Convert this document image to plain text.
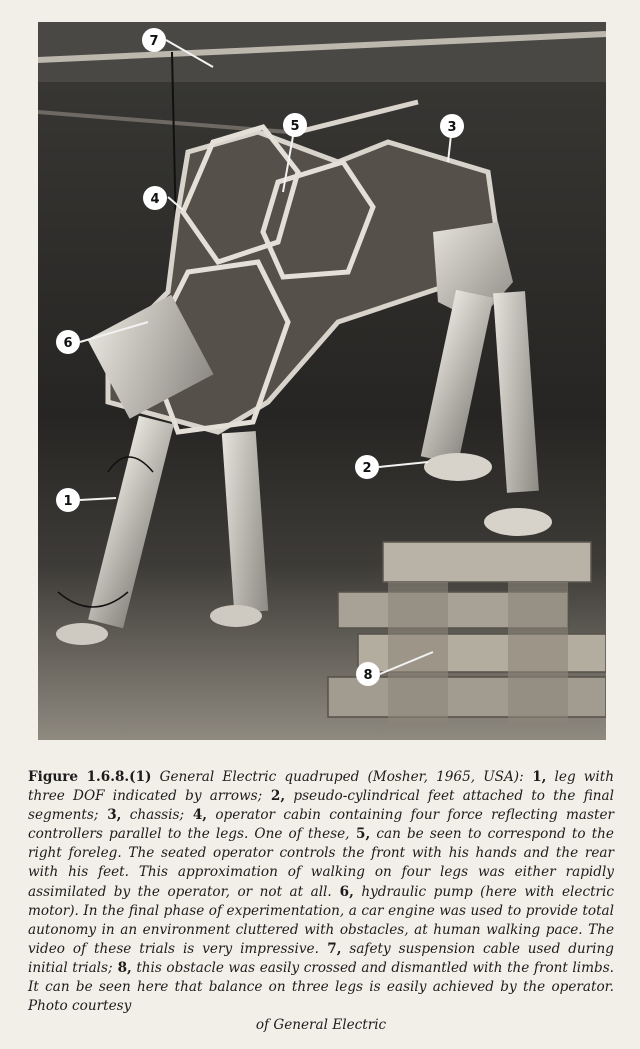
1
2
3
4
5
6
7
8
Figure 1.6.8.(1) General Electric quadruped (Mosher, 1965, USA): 1, leg with three DOF indicated by arrows; 2, pseudo-cylindrical feet attached to the final segments; 3, chassis; 4, operator cabin containing four force reflecting master controllers parallel to the legs. One of these, 5, can be seen to correspond to the right foreleg. The seated operator controls the front with his hands and the rear with his feet. This approximation of walking on four legs was either rapidly assimilated by the operator, or not at all. 6, hydraulic pump (here with electric motor). In the final phase of experimentation, a car engine was used to provide total autonomy in an environment cluttered with obstacles, at human walking pace. The video of these trials is very impressive. 7, safety suspension cable used during initial trials; 8, this obstacle was easily crossed and dismantled with the front limbs. It can be seen here that balance on three legs is easily achieved by the operator. Photo courtesy
of General Electric
